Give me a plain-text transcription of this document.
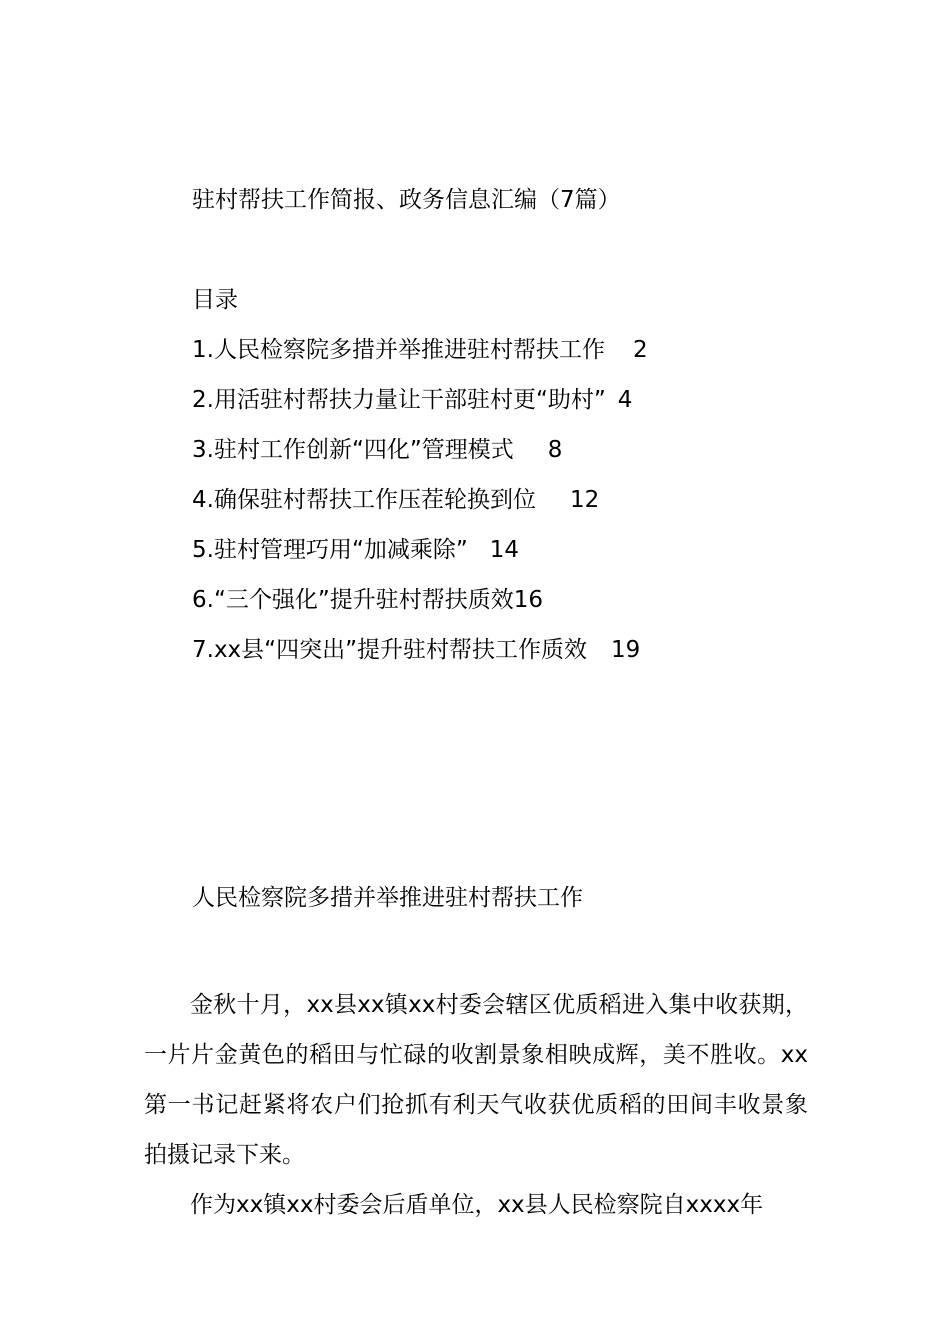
驻村帮扶工作简报、政务信息汇编（7篇）
目录
1.人民检察院多措并举推进驻村帮扶工作 2
2.用活驻村帮扶力量让干部驻村更“助村” 4
3.驻村工作创新“四化”管理模式 8
4.确保驻村帮扶工作压茬轮换到位 12
5.驻村管理巧用“加减乘除” 14
6.“三个强化”提升驻村帮扶质效16
7.xx县“四突出”提升驻村帮扶工作质效 19
人民检察院多措并举推进驻村帮扶工作

金秋十月，xx县xx镇xx村委会辖区优质稻进入集中收获期，一片片金黄色的稻田与忙碌的收割景象相映成辉，美不胜收。xx第一书记赶紧将农户们抢抓有利天气收获优质稻的田间丰收景象拍摄记录下来。

作为xx镇xx村委会后盾单位，xx县人民检察院自xxxx年
